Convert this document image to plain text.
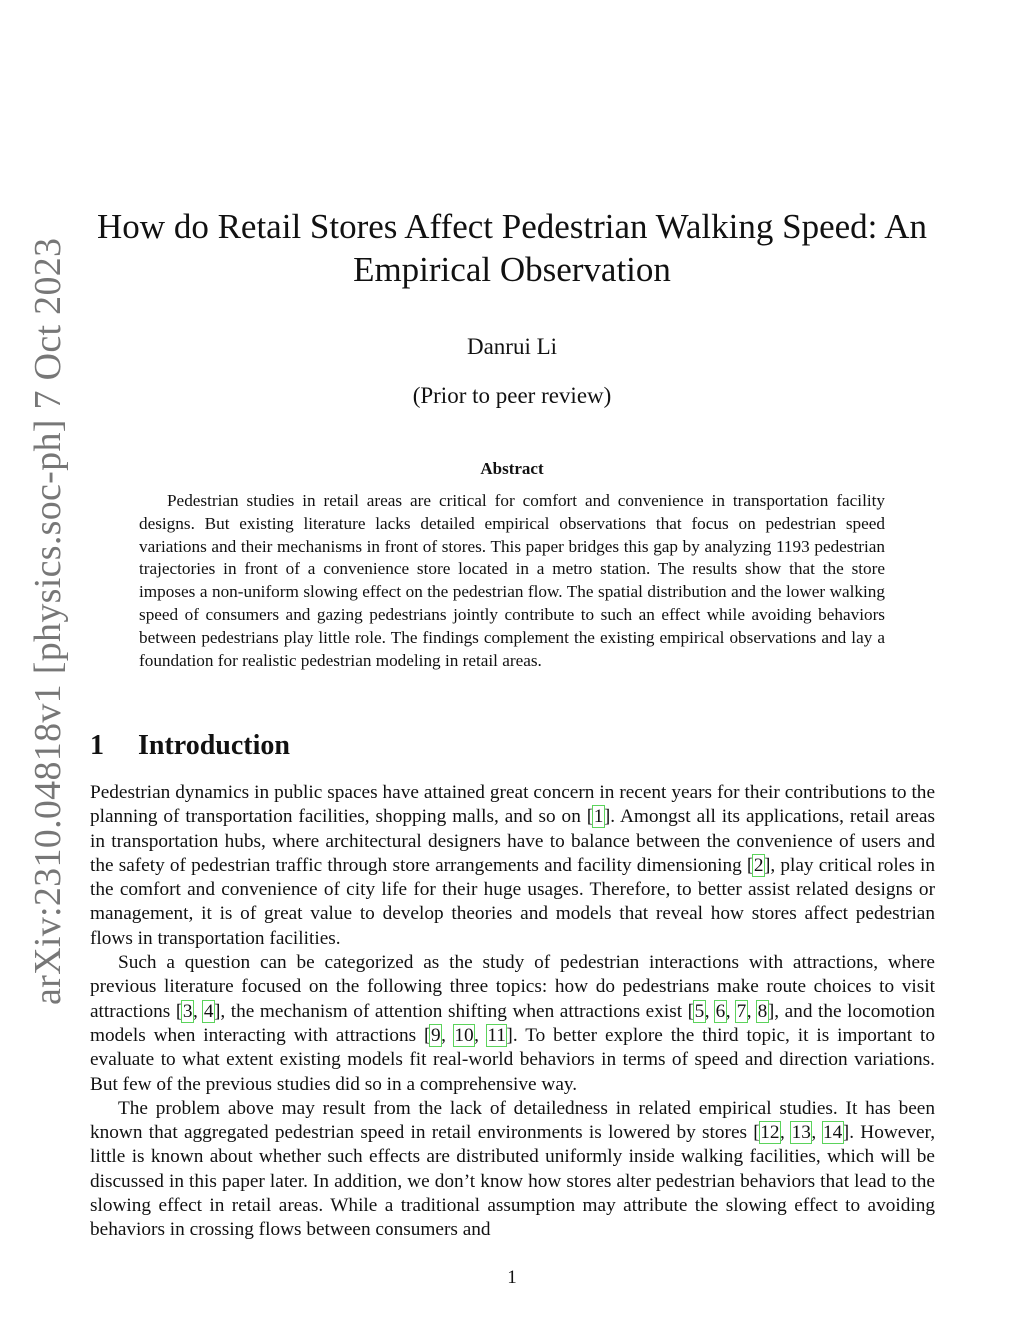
arXiv:2310.04818v1 [physics.soc-ph] 7 Oct 2023
How do Retail Stores Affect Pedestrian Walking Speed: An Empirical Observation
Danrui Li
(Prior to peer review)
Abstract

Pedestrian studies in retail areas are critical for comfort and convenience in transportation facility designs. But existing literature lacks detailed empirical observations that focus on pedestrian speed variations and their mechanisms in front of stores. This paper bridges this gap by analyzing 1193 pedestrian trajectories in front of a convenience store located in a metro station. The results show that the store imposes a non-uniform slowing effect on the pedestrian flow. The spatial distribution and the lower walking speed of consumers and gazing pedestrians jointly contribute to such an effect while avoiding behaviors between pedestrians play little role. The findings complement the existing empirical observations and lay a foundation for realistic pedestrian modeling in retail areas.

1 Introduction

Pedestrian dynamics in public spaces have attained great concern in recent years for their contributions to the planning of transportation facilities, shopping malls, and so on [1]. Amongst all its applications, retail areas in transportation hubs, where architectural designers have to balance between the convenience of users and the safety of pedestrian traffic through store arrangements and facility dimensioning [2], play critical roles in the comfort and convenience of city life for their huge usages. Therefore, to better assist related designs or management, it is of great value to develop theories and models that reveal how stores affect pedestrian flows in transportation facilities.

Such a question can be categorized as the study of pedestrian interactions with attractions, where previous literature focused on the following three topics: how do pedestrians make route choices to visit attractions [3, 4], the mechanism of attention shifting when attractions exist [5, 6, 7, 8], and the locomotion models when interacting with attractions [9, 10, 11]. To better explore the third topic, it is important to evaluate to what extent existing models fit real-world behaviors in terms of speed and direction variations. But few of the previous studies did so in a comprehensive way.

The problem above may result from the lack of detailedness in related empirical studies. It has been known that aggregated pedestrian speed in retail environments is lowered by stores [12, 13, 14]. However, little is known about whether such effects are distributed uniformly inside walking facilities, which will be discussed in this paper later. In addition, we don’t know how stores alter pedestrian behaviors that lead to the slowing effect in retail areas. While a traditional assumption may attribute the slowing effect to avoiding behaviors in crossing flows between consumers and

1
